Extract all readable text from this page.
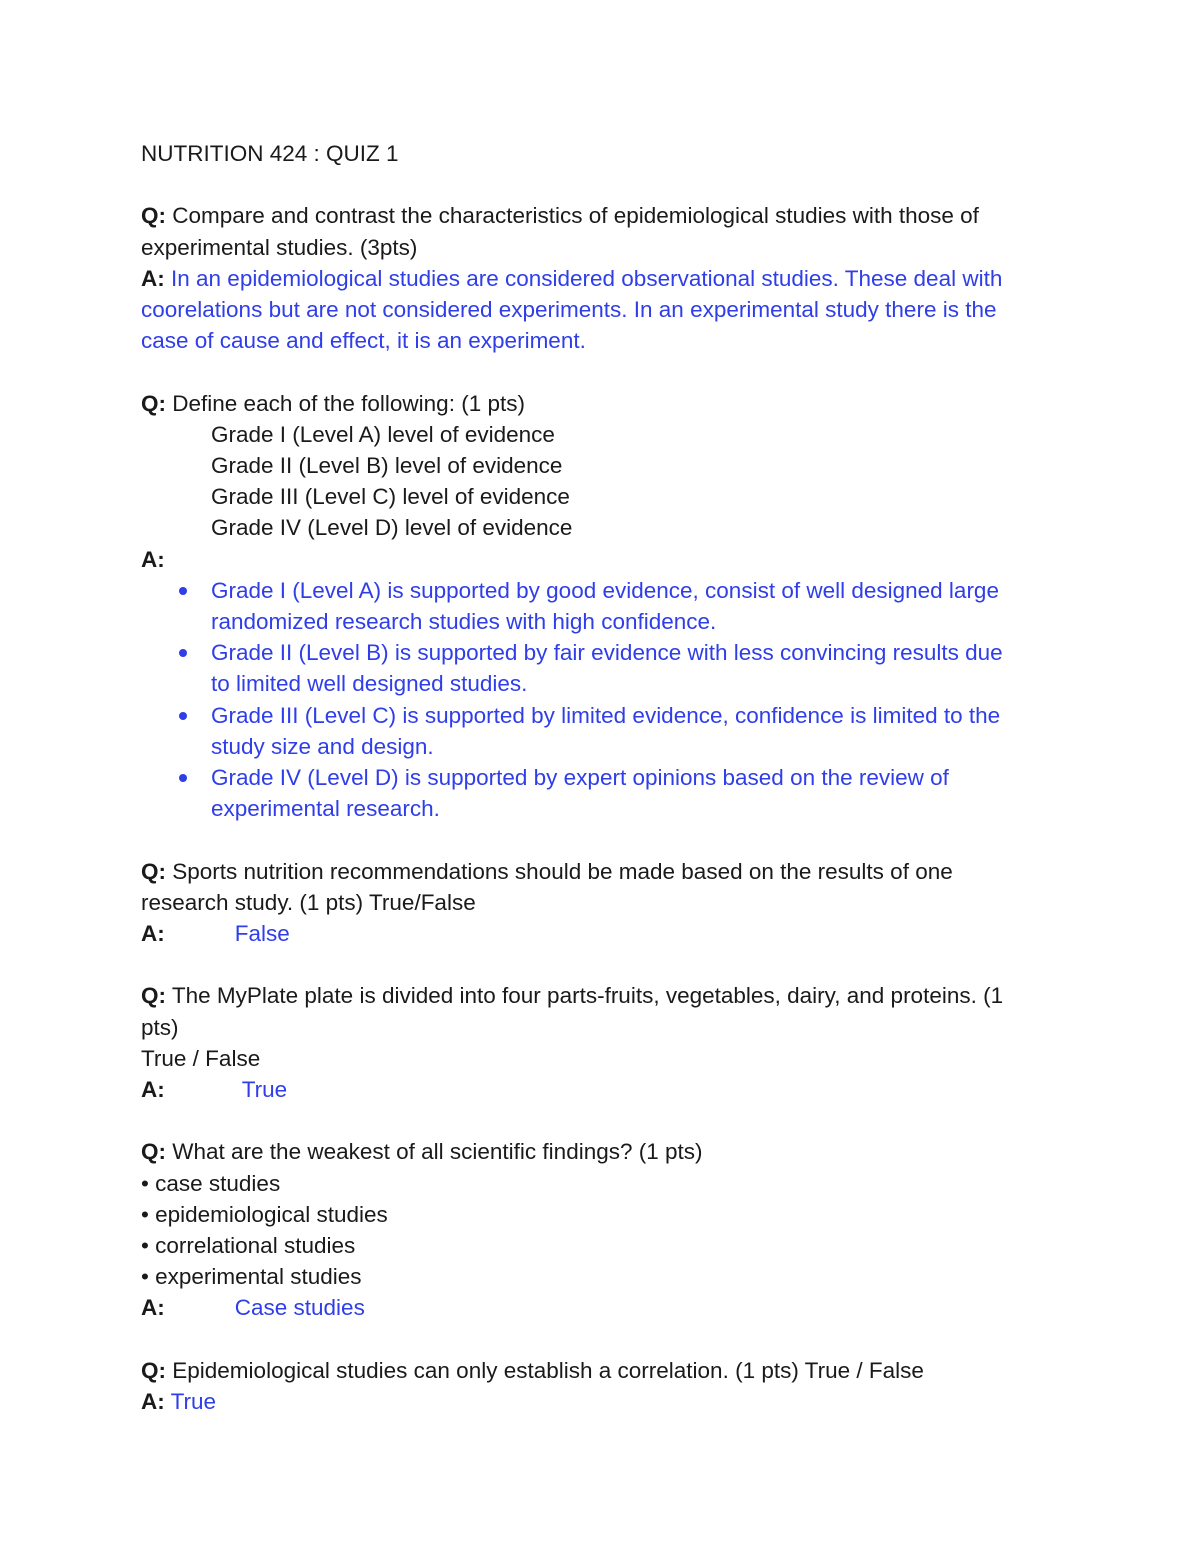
NUTRITION 424 : QUIZ 1
Q: Compare and contrast the characteristics of epidemiological studies with those of
experimental studies. (3pts)
A: In an epidemiological studies are considered observational studies. These deal with
coorelations but are not considered experiments. In an experimental study there is the
case of cause and effect, it is an experiment.
Q: Define each of the following: (1 pts)
Grade I (Level A) level of evidence
Grade II (Level B) level of evidence
Grade III (Level C) level of evidence
Grade IV (Level D) level of evidence
A:
Grade I (Level A) is supported by good evidence, consist of well designed large
randomized research studies with high confidence.
Grade II (Level B) is supported by fair evidence with less convincing results due
to limited well designed studies.
Grade III (Level C) is supported by limited evidence, confidence is limited to the
study size and design.
Grade IV (Level D) is supported by expert opinions based on the review of
experimental research.
Q: Sports nutrition recommendations should be made based on the results of one
research study. (1 pts) True/False
A:	False
Q: The MyPlate plate is divided into four parts-fruits, vegetables, dairy, and proteins. (1
pts)
True / False
A:	True
Q: What are the weakest of all scientific findings? (1 pts)
• case studies
• epidemiological studies
• correlational studies
• experimental studies
A:	Case studies
Q: Epidemiological studies can only establish a correlation. (1 pts) True / False
A: True
